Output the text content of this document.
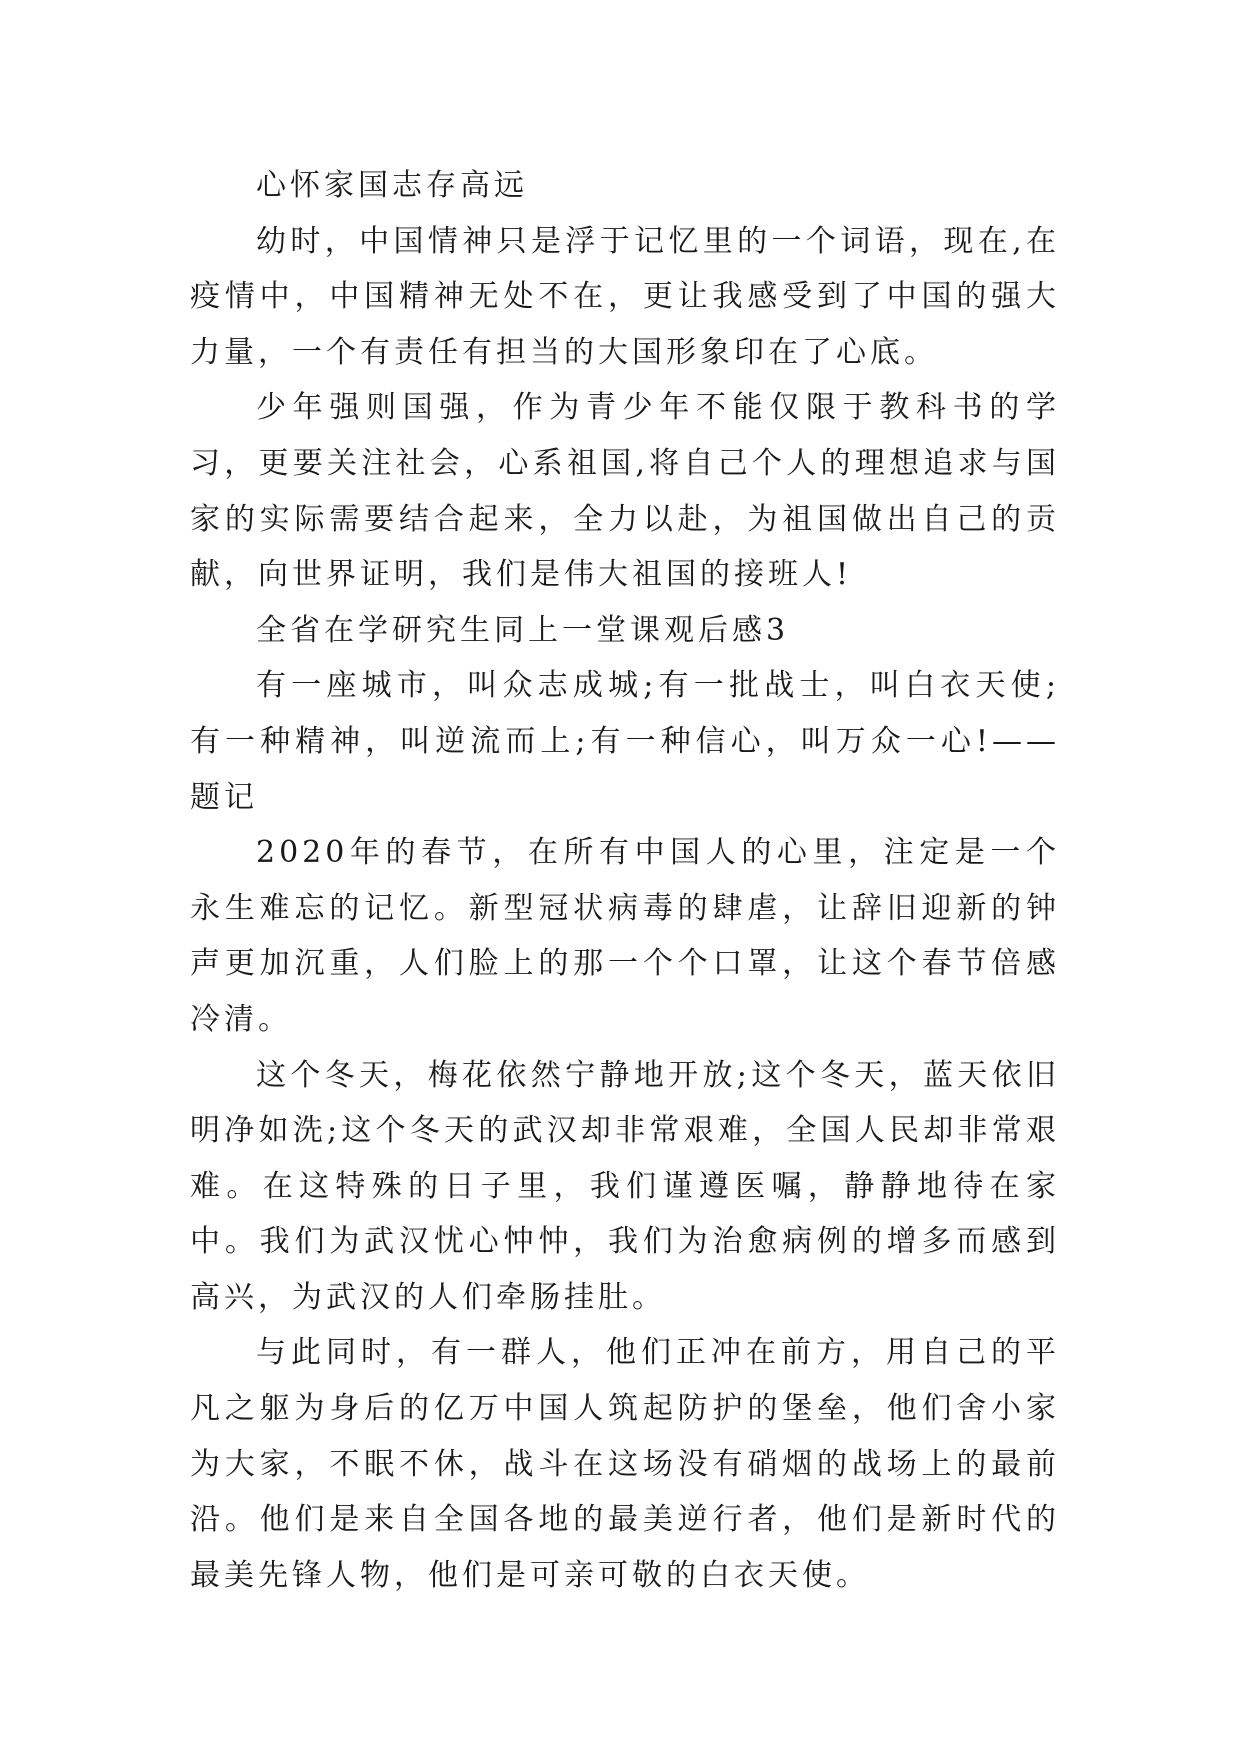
心怀家国志存高远

幼时，中国情神只是浮于记忆里的一个词语，现在,在疫情中，中国精神无处不在，更让我感受到了中国的强大力量，一个有责任有担当的大国形象印在了心底。

少年强则国强，作为青少年不能仅限于教科书的学习，更要关注社会，心系祖国,将自己个人的理想追求与国家的实际需要结合起来，全力以赴，为祖国做出自己的贡献，向世界证明，我们是伟大祖国的接班人!

全省在学研究生同上一堂课观后感3

有一座城市，叫众志成城;有一批战士，叫白衣天使;有一种精神，叫逆流而上;有一种信心，叫万众一心!——题记

2020年的春节，在所有中国人的心里，注定是一个永生难忘的记忆。新型冠状病毒的肆虐，让辞旧迎新的钟声更加沉重，人们脸上的那一个个口罩，让这个春节倍感冷清。

这个冬天，梅花依然宁静地开放;这个冬天，蓝天依旧明净如洗;这个冬天的武汉却非常艰难，全国人民却非常艰难。在这特殊的日子里，我们谨遵医嘱，静静地待在家中。我们为武汉忧心忡忡，我们为治愈病例的增多而感到高兴，为武汉的人们牵肠挂肚。

与此同时，有一群人，他们正冲在前方，用自己的平凡之躯为身后的亿万中国人筑起防护的堡垒，他们舍小家为大家，不眠不休，战斗在这场没有硝烟的战场上的最前沿。他们是来自全国各地的最美逆行者，他们是新时代的最美先锋人物，他们是可亲可敬的白衣天使。
